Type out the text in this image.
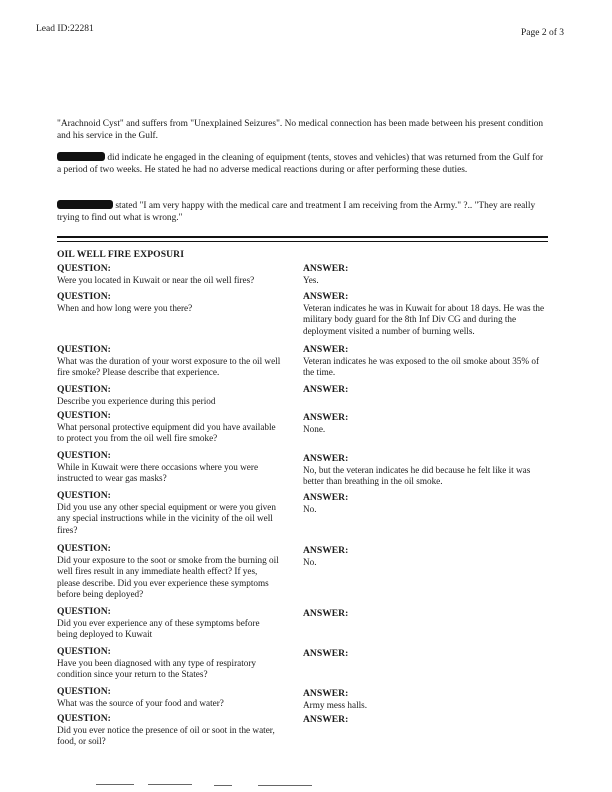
Lead ID:22281	Page 2 of 3
"Arachnoid Cyst" and suffers from "Unexplained Seizures". No medical connection has been made between his present condition and his service in the Gulf.
did indicate he engaged in the cleaning of equipment (tents, stoves and vehicles) that was returned from the Gulf for a period of two weeks. He stated he had no adverse medical reactions during or after performing these duties.
stated "I am very happy with the medical care and treatment I am receiving from the Army." ?.. "They are really trying to find out what is wrong."
OIL WELL FIRE EXPOSURI
QUESTION:
Were you located in Kuwait or near the oil well fires?
ANSWER:
Yes.
QUESTION:
When and how long were you there?
ANSWER:
Veteran indicates he was in Kuwait for about 18 days. He was the military body guard for the 8th Inf Div CG and during the deployment visited a number of burning wells.
QUESTION:
What was the duration of your worst exposure to the oil well fire smoke? Please describe that experience.
ANSWER:
Veteran indicates he was exposed to the oil smoke about 35% of the time.
QUESTION:
Describe you experience during this period
ANSWER:
QUESTION:
What personal protective equipment did you have available to protect you from the oil well fire smoke?
ANSWER:
None.
QUESTION:
While in Kuwait were there occasions where you were instructed to wear gas masks?
ANSWER:
No, but the veteran indicates he did because he felt like it was better than breathing in the oil smoke.
QUESTION:
Did you use any other special equipment or were you given any special instructions while in the vicinity of the oil well fires?
ANSWER:
No.
QUESTION:
Did your exposure to the soot or smoke from the burning oil well fires result in any immediate health effect? If yes, please describe. Did you ever experience these symptoms before being deployed?
ANSWER:
No.
QUESTION:
Did you ever experience any of these symptoms before being deployed to Kuwait
ANSWER:
QUESTION:
Have you been diagnosed with any type of respiratory condition since your return to the States?
ANSWER:
QUESTION:
What was the source of your food and water?
ANSWER:
Army mess halls.
QUESTION:
Did you ever notice the presence of oil or soot in the water, food, or soil?
ANSWER:
